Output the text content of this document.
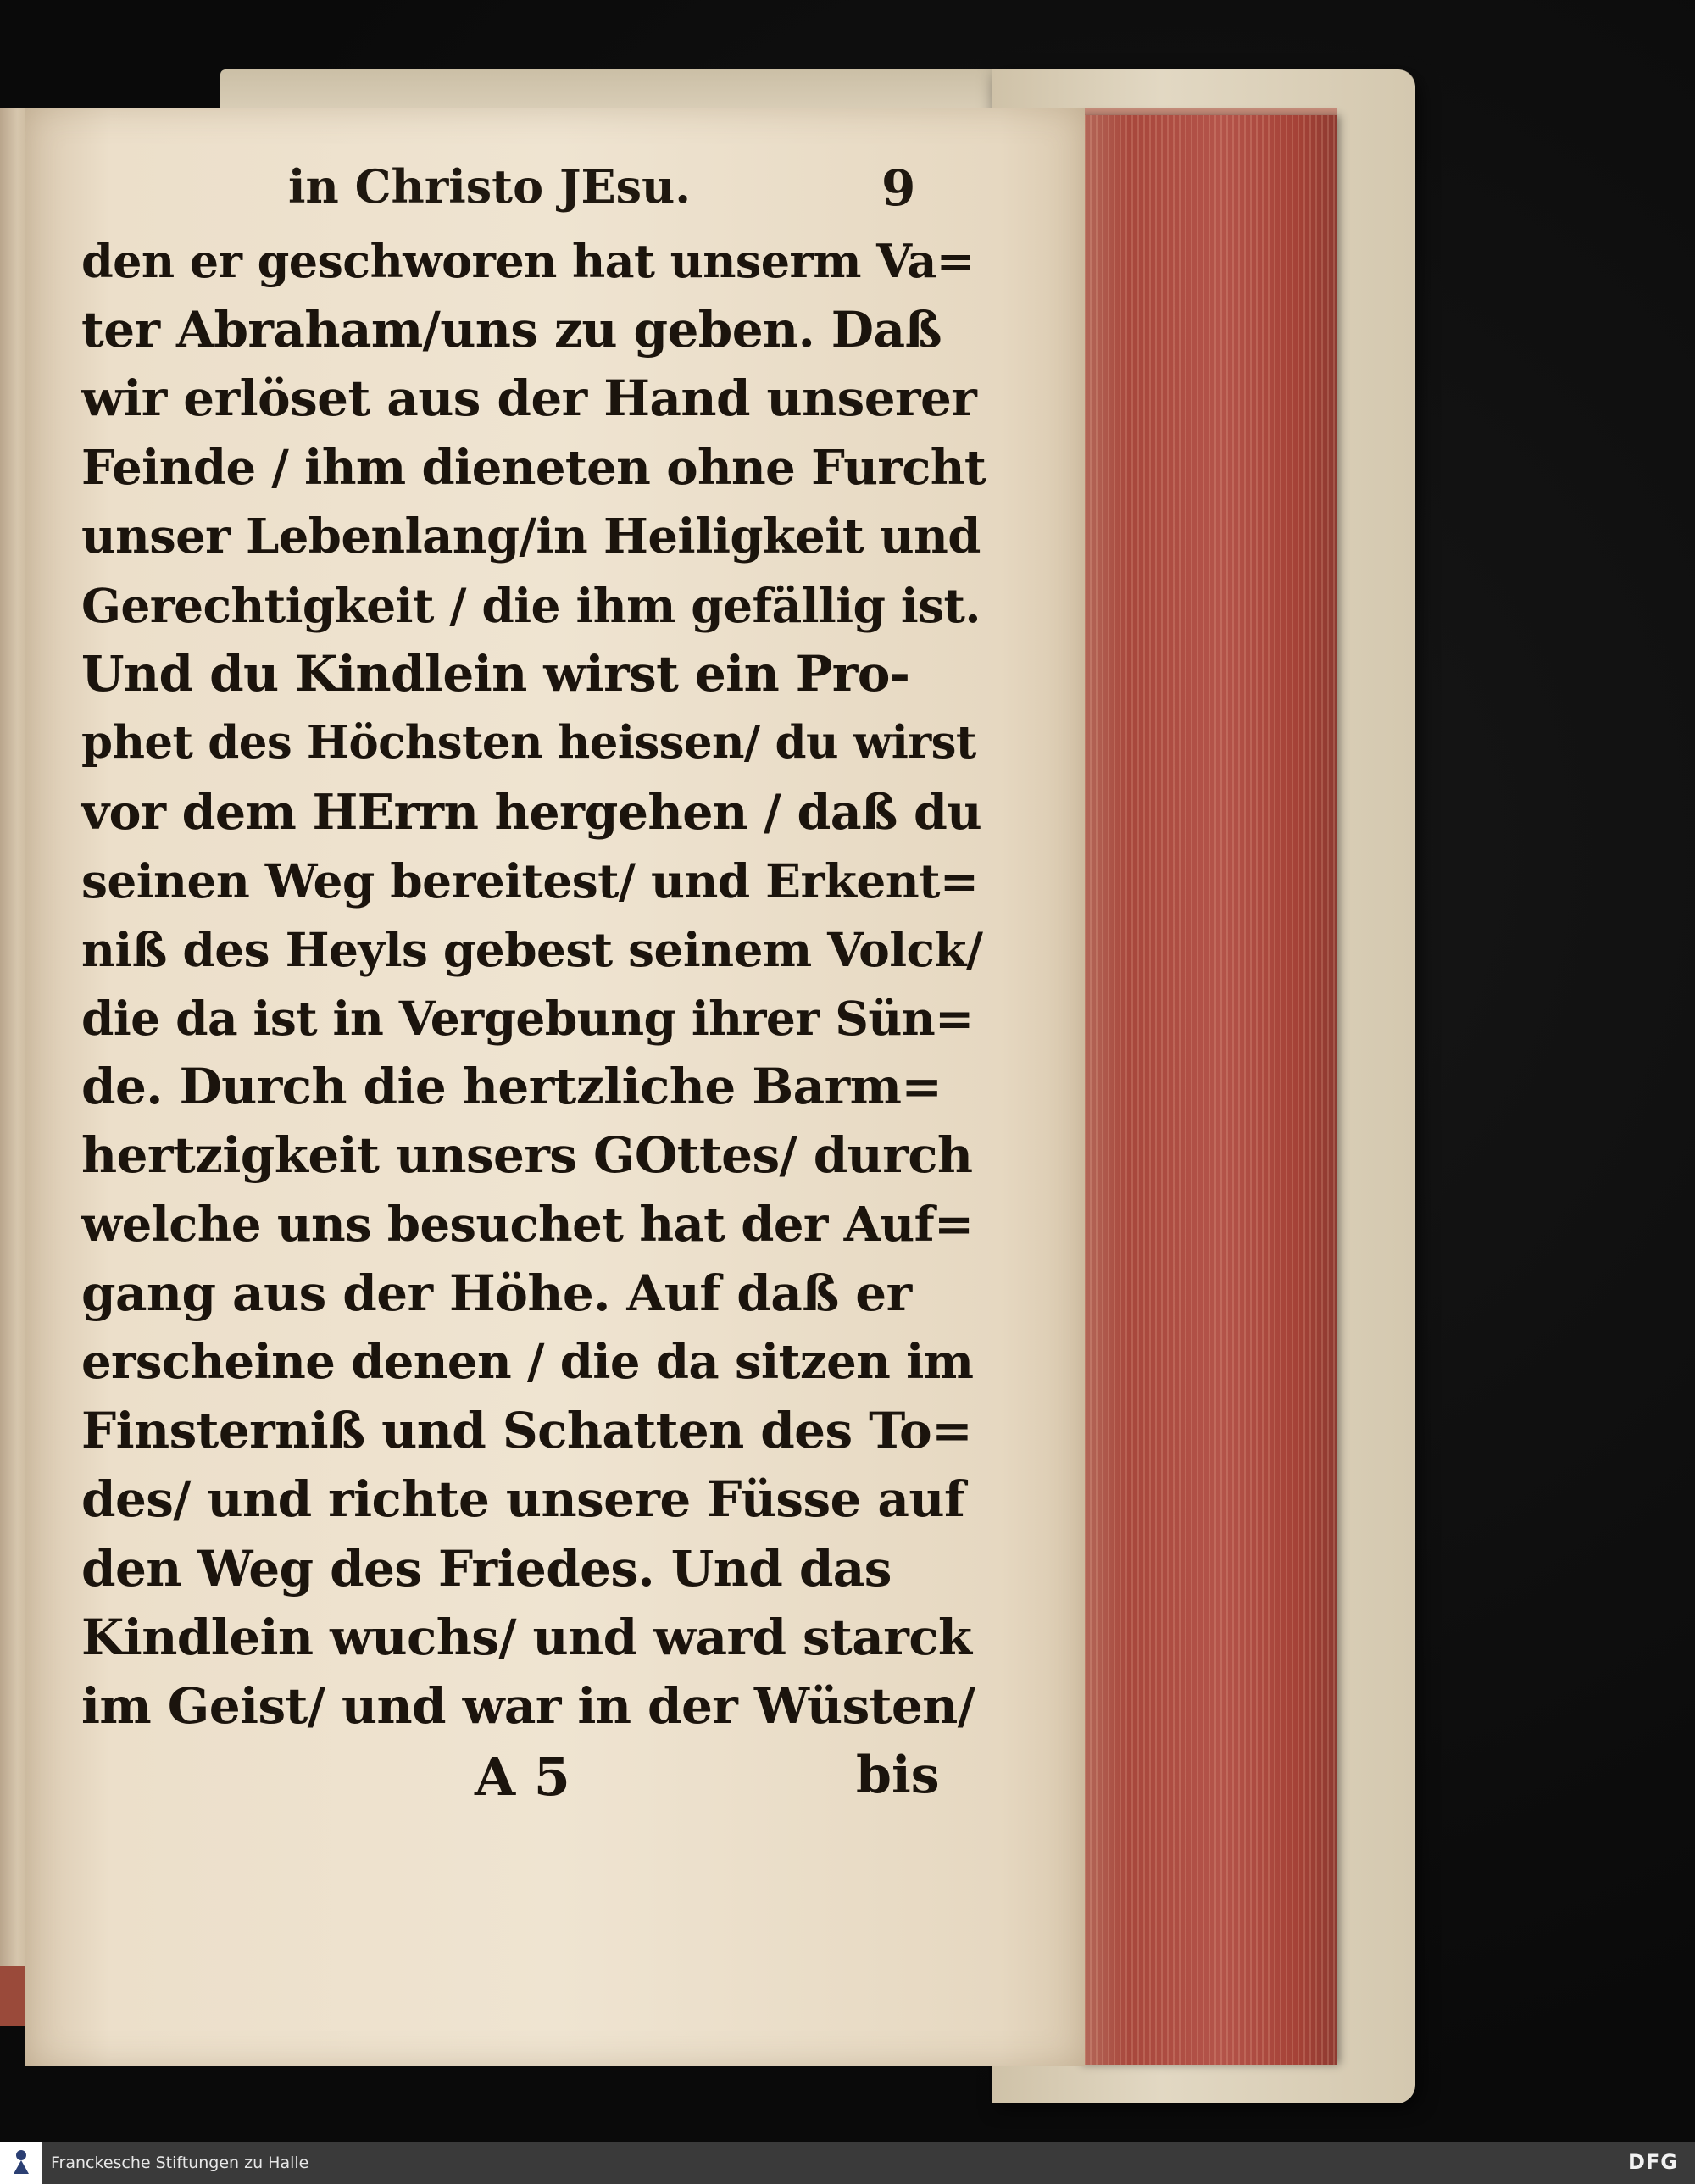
in Christo JEsu.	9
den er geschworen hat unserm Va=
ter Abraham/uns zu geben. Daß
wir erlöset aus der Hand unserer
Feinde / ihm dieneten ohne Furcht
unser Lebenlang/in Heiligkeit und
Gerechtigkeit / die ihm gefällig ist.
Und du Kindlein wirst ein Pro-
phet des Höchsten heissen/ du wirst
vor dem HErrn hergehen / daß du
seinen Weg bereitest/ und Erkent=
niß des Heyls gebest seinem Volck/
die da ist in Vergebung ihrer Sün=
de. Durch die hertzliche Barm=
hertzigkeit unsers GOttes/ durch
welche uns besuchet hat der Auf=
gang aus der Höhe. Auf daß er
erscheine denen / die da sitzen im
Finsterniß und Schatten des To=
des/ und richte unsere Füsse auf
den Weg des Friedes. Und das
Kindlein wuchs/ und ward starck
im Geist/ und war in der Wüsten/
A 5	bis
Franckesche Stiftungen zu Halle	DFG
